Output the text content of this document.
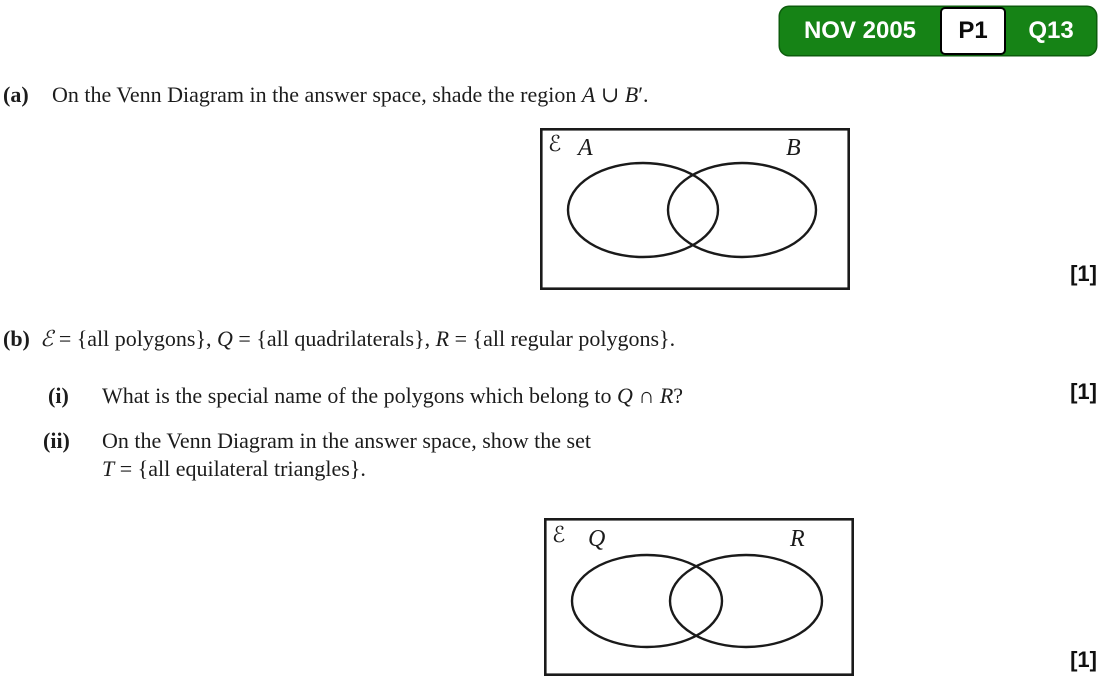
NOV 2005	P1	Q13
(a) On the Venn Diagram in the answer space, shade the region A ∪ B′.
ℰ A	B
[1]
(b) ℰ = {all polygons}, Q = {all quadrilaterals}, R = {all regular polygons}.
(i) What is the special name of the polygons which belong to Q ∩ R?	[1]
(ii) On the Venn Diagram in the answer space, show the set
T = {all equilateral triangles}.
ℰ Q	R
[1]
